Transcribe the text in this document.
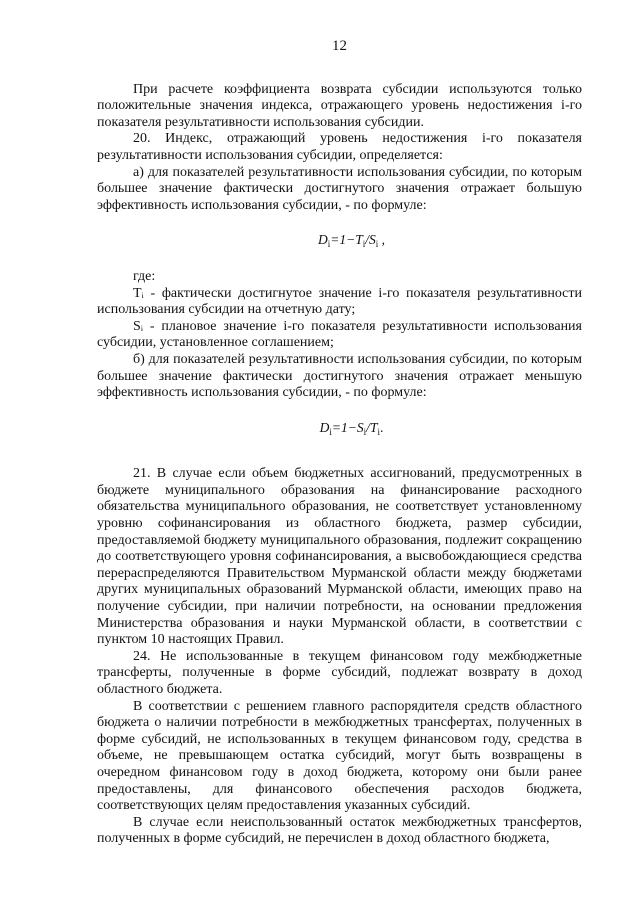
12

При расчете коэффициента возврата субсидии используются только положительные значения индекса, отражающего уровень недостижения i-го показателя результативности использования субсидии.

20. Индекс, отражающий уровень недостижения i-го показателя результативности использования субсидии, определяется:

а) для показателей результативности использования субсидии, по которым большее значение фактически достигнутого значения отражает большую эффективность использования субсидии, - по формуле:

$D_i=1-T_i/S_i$ ,

где:

Tᵢ - фактически достигнутое значение i-го показателя результативности использования субсидии на отчетную дату;

Sᵢ - плановое значение i-го показателя результативности использования субсидии, установленное соглашением;

б) для показателей результативности использования субсидии, по которым большее значение фактически достигнутого значения отражает меньшую эффективность использования субсидии, - по формуле:

$D_i=1-S_i/T_i$.

21. В случае если объем бюджетных ассигнований, предусмотренных в бюджете муниципального образования на финансирование расходного обязательства муниципального образования, не соответствует установленному уровню софинансирования из областного бюджета, размер субсидии, предоставляемой бюджету муниципального образования, подлежит сокращению до соответствующего уровня софинансирования, а высвобождающиеся средства перераспределяются Правительством Мурманской области между бюджетами других муниципальных образований Мурманской области, имеющих право на получение субсидии, при наличии потребности, на основании предложения Министерства образования и науки Мурманской области, в соответствии с пунктом 10 настоящих Правил.

24. Не использованные в текущем финансовом году межбюджетные трансферты, полученные в форме субсидий, подлежат возврату в доход областного бюджета.

В соответствии с решением главного распорядителя средств областного бюджета о наличии потребности в межбюджетных трансфертах, полученных в форме субсидий, не использованных в текущем финансовом году, средства в объеме, не превышающем остатка субсидий, могут быть возвращены в очередном финансовом году в доход бюджета, которому они были ранее предоставлены, для финансового обеспечения расходов бюджета, соответствующих целям предоставления указанных субсидий.

В случае если неиспользованный остаток межбюджетных трансфертов, полученных в форме субсидий, не перечислен в доход областного бюджета,
